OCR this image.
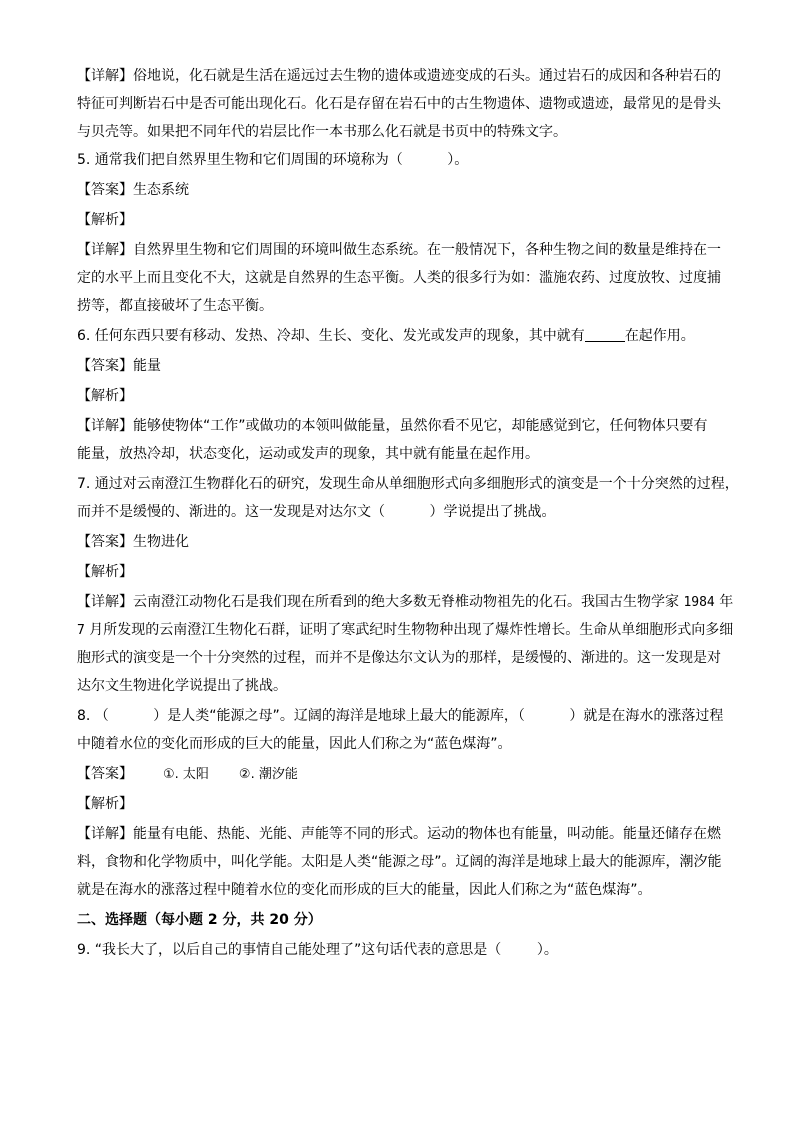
【详解】俗地说，化石就是生活在遥远过去生物的遗体或遗迹变成的石头。通过岩石的成因和各种岩石的
特征可判断岩石中是否可能出现化石。化石是存留在岩石中的古生物遗体、遗物或遗迹，最常见的是骨头
与贝壳等。如果把不同年代的岩层比作一本书那么化石就是书页中的特殊文字。
5. 通常我们把自然界里生物和它们周围的环境称为（          ）。
【答案】生态系统
【解析】
【详解】自然界里生物和它们周围的环境叫做生态系统。在一般情况下，各种生物之间的数量是维持在一
定的水平上而且变化不大，这就是自然界的生态平衡。人类的很多行为如：滥施农药、过度放牧、过度捕
捞等，都直接破坏了生态平衡。
6. 任何东西只要有移动、发热、冷却、生长、变化、发光或发声的现象，其中就有	在起作用。
【答案】能量
【解析】
【详解】能够使物体“工作”或做功的本领叫做能量，虽然你看不见它，却能感觉到它，任何物体只要有
能量，放热冷却，状态变化，运动或发声的现象，其中就有能量在起作用。
7. 通过对云南澄江生物群化石的研究，发现生命从单细胞形式向多细胞形式的演变是一个十分突然的过程，
而并不是缓慢的、渐进的。这一发现是对达尔文（          ）学说提出了挑战。
【答案】生物进化
【解析】
【详解】云南澄江动物化石是我们现在所看到的绝大多数无脊椎动物祖先的化石。我国古生物学家 1984 年
7 月所发现的云南澄江生物化石群，证明了寒武纪时生物物种出现了爆炸性增长。生命从单细胞形式向多细
胞形式的演变是一个十分突然的过程，而并不是像达尔文认为的那样，是缓慢的、渐进的。这一发现是对
达尔文生物进化学说提出了挑战。
8. （          ）是人类“能源之母”。辽阔的海洋是地球上最大的能源库，（          ）就是在海水的涨落过程
中随着水位的变化而形成的巨大的能量，因此人们称之为“蓝色煤海”。
【答案】 ①. 太阳 ②. 潮汐能
【解析】
【详解】能量有电能、热能、光能、声能等不同的形式。运动的物体也有能量，叫动能。能量还储存在燃
料，食物和化学物质中，叫化学能。太阳是人类“能源之母”。辽阔的海洋是地球上最大的能源库，潮汐能
就是在海水的涨落过程中随着水位的变化而形成的巨大的能量，因此人们称之为“蓝色煤海”。
二、选择题（每小题 2 分，共 20 分）
9. “我长大了，以后自己的事情自己能处理了”这句话代表的意思是（        ）。
